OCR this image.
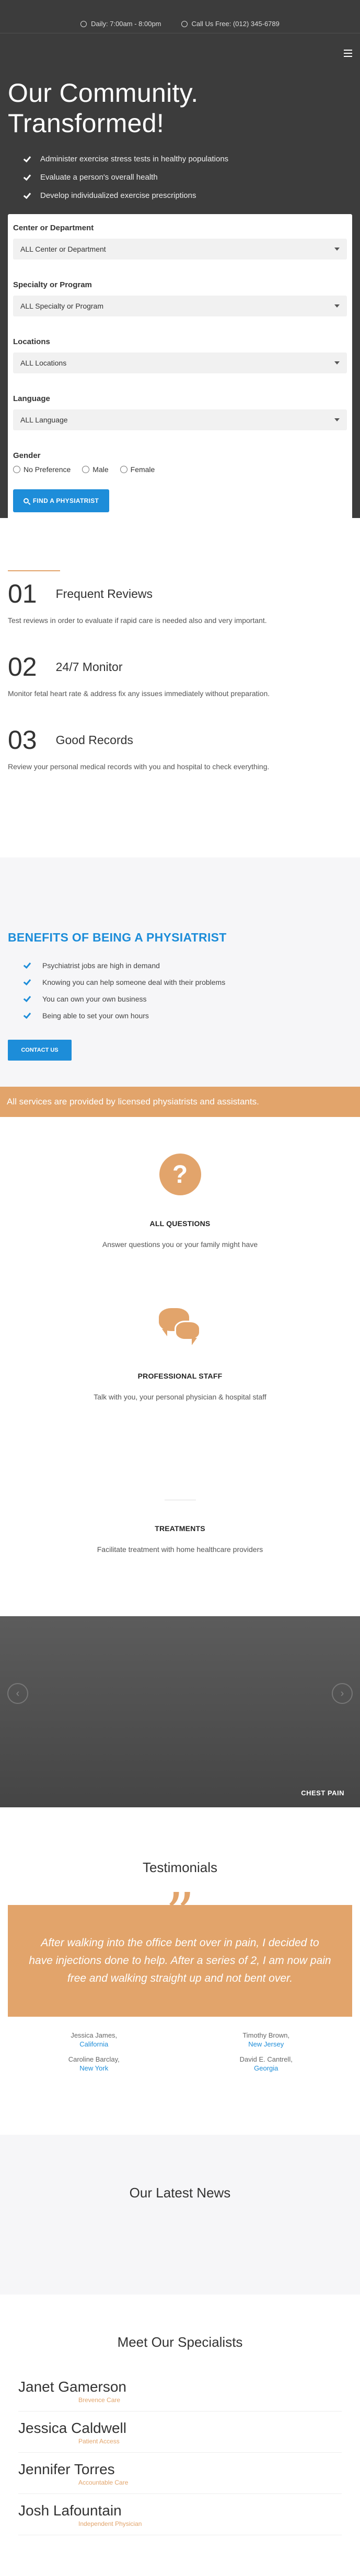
Daily: 7:00am - 8:00pm	Call Us Free: (012) 345-6789
Our Community. Transformed!
Administer exercise stress tests in healthy populations
Evaluate a person's overall health
Develop individualized exercise prescriptions
Center or Department
ALL Center or Department
Specialty or Program
ALL Specialty or Program
Locations
ALL Locations
Language
ALL Language
Gender
No Preference	Male	Female
FIND A PHYSIATRIST
01 Frequent Reviews

Test reviews in order to evaluate if rapid care is needed also and very important.

02 24/7 Monitor

Monitor fetal heart rate & address fix any issues immediately without preparation.

03 Good Records

Review your personal medical records with you and hospital to check everything.

BENEFITS OF BEING A PHYSIATRIST
Psychiatrist jobs are high in demand
Knowing you can help someone deal with their problems
You can own your own business
Being able to set your own hours
CONTACT US
All services are provided by licensed physiatrists and assistants.
?
ALL QUESTIONS
Answer questions you or your family might have
PROFESSIONAL STAFF
Talk with you, your personal physician & hospital staff
TREATMENTS
Facilitate treatment with home healthcare providers
‹	›
CHEST PAIN
Testimonials
”
After walking into the office bent over in pain, I decided to have injections done to help. After a series of 2, I am now pain free and walking straight up and not bent over.
Jessica James,
California
Timothy Brown,
New Jersey
Caroline Barclay,
New York
David E. Cantrell,
Georgia
Our Latest News
Meet Our Specialists
Janet Gamerson
Brevence Care
Jessica Caldwell
Patient Access
Jennifer Torres
Accountable Care
Josh Lafountain
Independent Physician
